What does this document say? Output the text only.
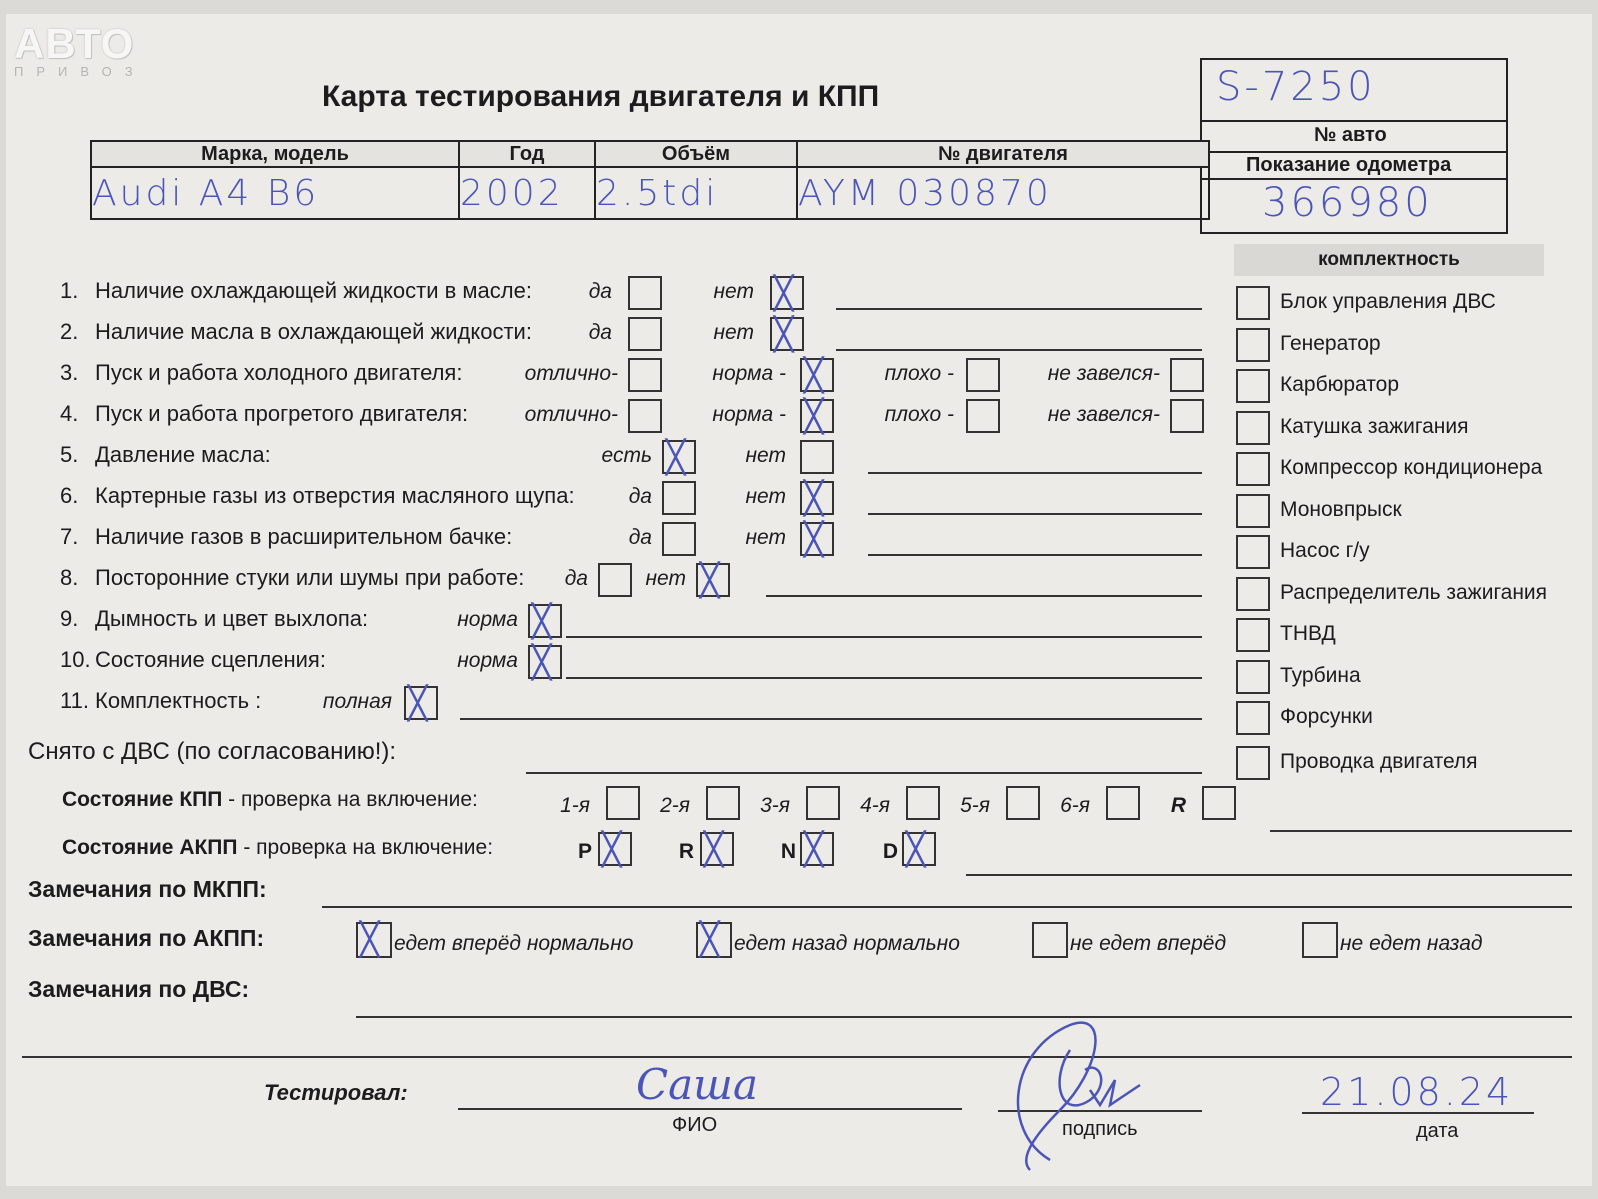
АВТО
ПРИВОЗ
Карта тестирования двигателя и КПП	S-7250
№ авто
Показание одометра
366980
Марка, модель	Год	Объём	№ двигателя
Audi A4 B6	2002	2.5tdi	AYM 030870
1. Наличие охлаждающей жидкости в масле:	да	нет ╳
2. Наличие масла в охлаждающей жидкости:	да	нет ╳
3. Пуск и работа холодного двигателя:	отлично-	норма - ╳	плохо -	не завелся-
4. Пуск и работа прогретого двигателя:	отлично-	норма - ╳	плохо -	не завелся-
5. Давление масла:	есть ╳	нет
6. Картерные газы из отверстия масляного щупа:	да	нет ╳
7. Наличие газов в расширительном бачке:	да	нет ╳
8. Посторонние стуки или шумы при работе: да	нет ╳
9. Дымность и цвет выхлопа:	норма ╳
10. Состояние сцепления:	норма ╳
11. Комплектность :	полная ╳
комплектность
Блок управления ДВС
Генератор
Карбюратор
Катушка зажигания
Компрессор кондиционера
Моновпрыск
Насос г/у
Распределитель зажигания
ТНВД
Турбина
Форсунки
Проводка двигателя
Снято с ДВС (по согласованию!):
Состояние КПП - проверка на включение:	1-я	2-я	3-я	4-я	5-я	6-я	R
Состояние АКПП - проверка на включение:	P ╳	R ╳	N ╳	D ╳
Замечания по МКПП:
Замечания по АКПП:	╳ едет вперёд нормально ╳ едет назад нормально	не едет вперёд	не едет назад
Замечания по ДВС:
Тестировал:	Саша
ФИО	подпись
21.08.24
дата
